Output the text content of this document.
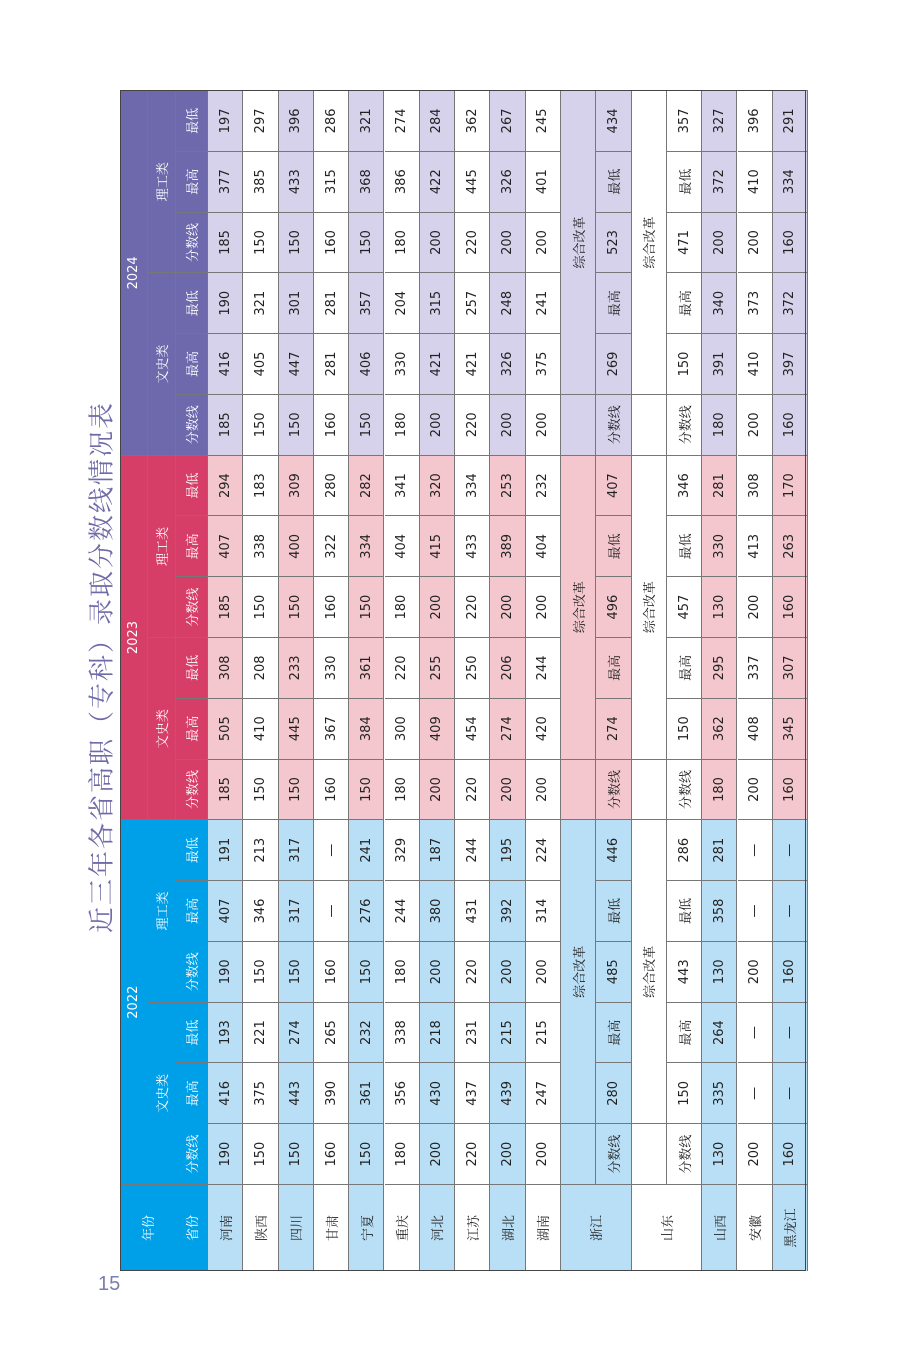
15
近三年各省高职（专科）录取分数线情况表
年份	省份
2022
文史类
理工类
分数线
最高
最低
分数线
最高
最低
2023
文史类
理工类
分数线
最高
最低
分数线
最高
最低
2024
文史类
理工类
分数线
最高
最低
分数线
最高
最低
河南
190
416
193
190
407
191
185
505
308
185
407
294
185
416
190
185
377
197
陕西
150
375
221
150
346
213
150
410
208
150
338
183
150
405
321
150
385
297
四川
150
443
274
150
317
317
150
445
233
150
400
309
150
447
301
150
433
396
甘肃
160
390
265
160
—
—
160
367
330
160
322
280
160
281
281
160
315
286
宁夏
150
361
232
150
276
241
150
384
361
150
334
282
150
406
357
150
368
321
重庆
180
356
338
180
244
329
180
300
220
180
404
341
180
330
204
180
386
274
河北
200
430
218
200
380
187
200
409
255
200
415
320
200
421
315
200
422
284
江苏
220
437
231
220
431
244
220
454
250
220
433
334
220
421
257
220
445
362
湖北
200
439
215
200
392
195
200
274
206
200
389
253
200
326
248
200
326
267
湖南
200
247
215
200
314
224
200
420
244
200
404
232
200
375
241
200
401
245
浙江
综合改革
分数线
280
最高
485
最低
446
综合改革
分数线
274
最高
496
最低
407
综合改革
分数线
269
最高
523
最低
434
山东
综合改革
分数线
150
最高
443
最低
286
综合改革
分数线
150
最高
457
最低
346
综合改革
分数线
150
最高
471
最低
357
山西
130
335
264
130
358
281
180
362
295
130
330
281
180
391
340
200
372
327
安徽
200
—
—
200
—
—
200
408
337
200
413
308
200
410
373
200
410
396
黑龙江
160
—
—
160
—
—
160
345
307
160
263
170
160
397
372
160
334
291
